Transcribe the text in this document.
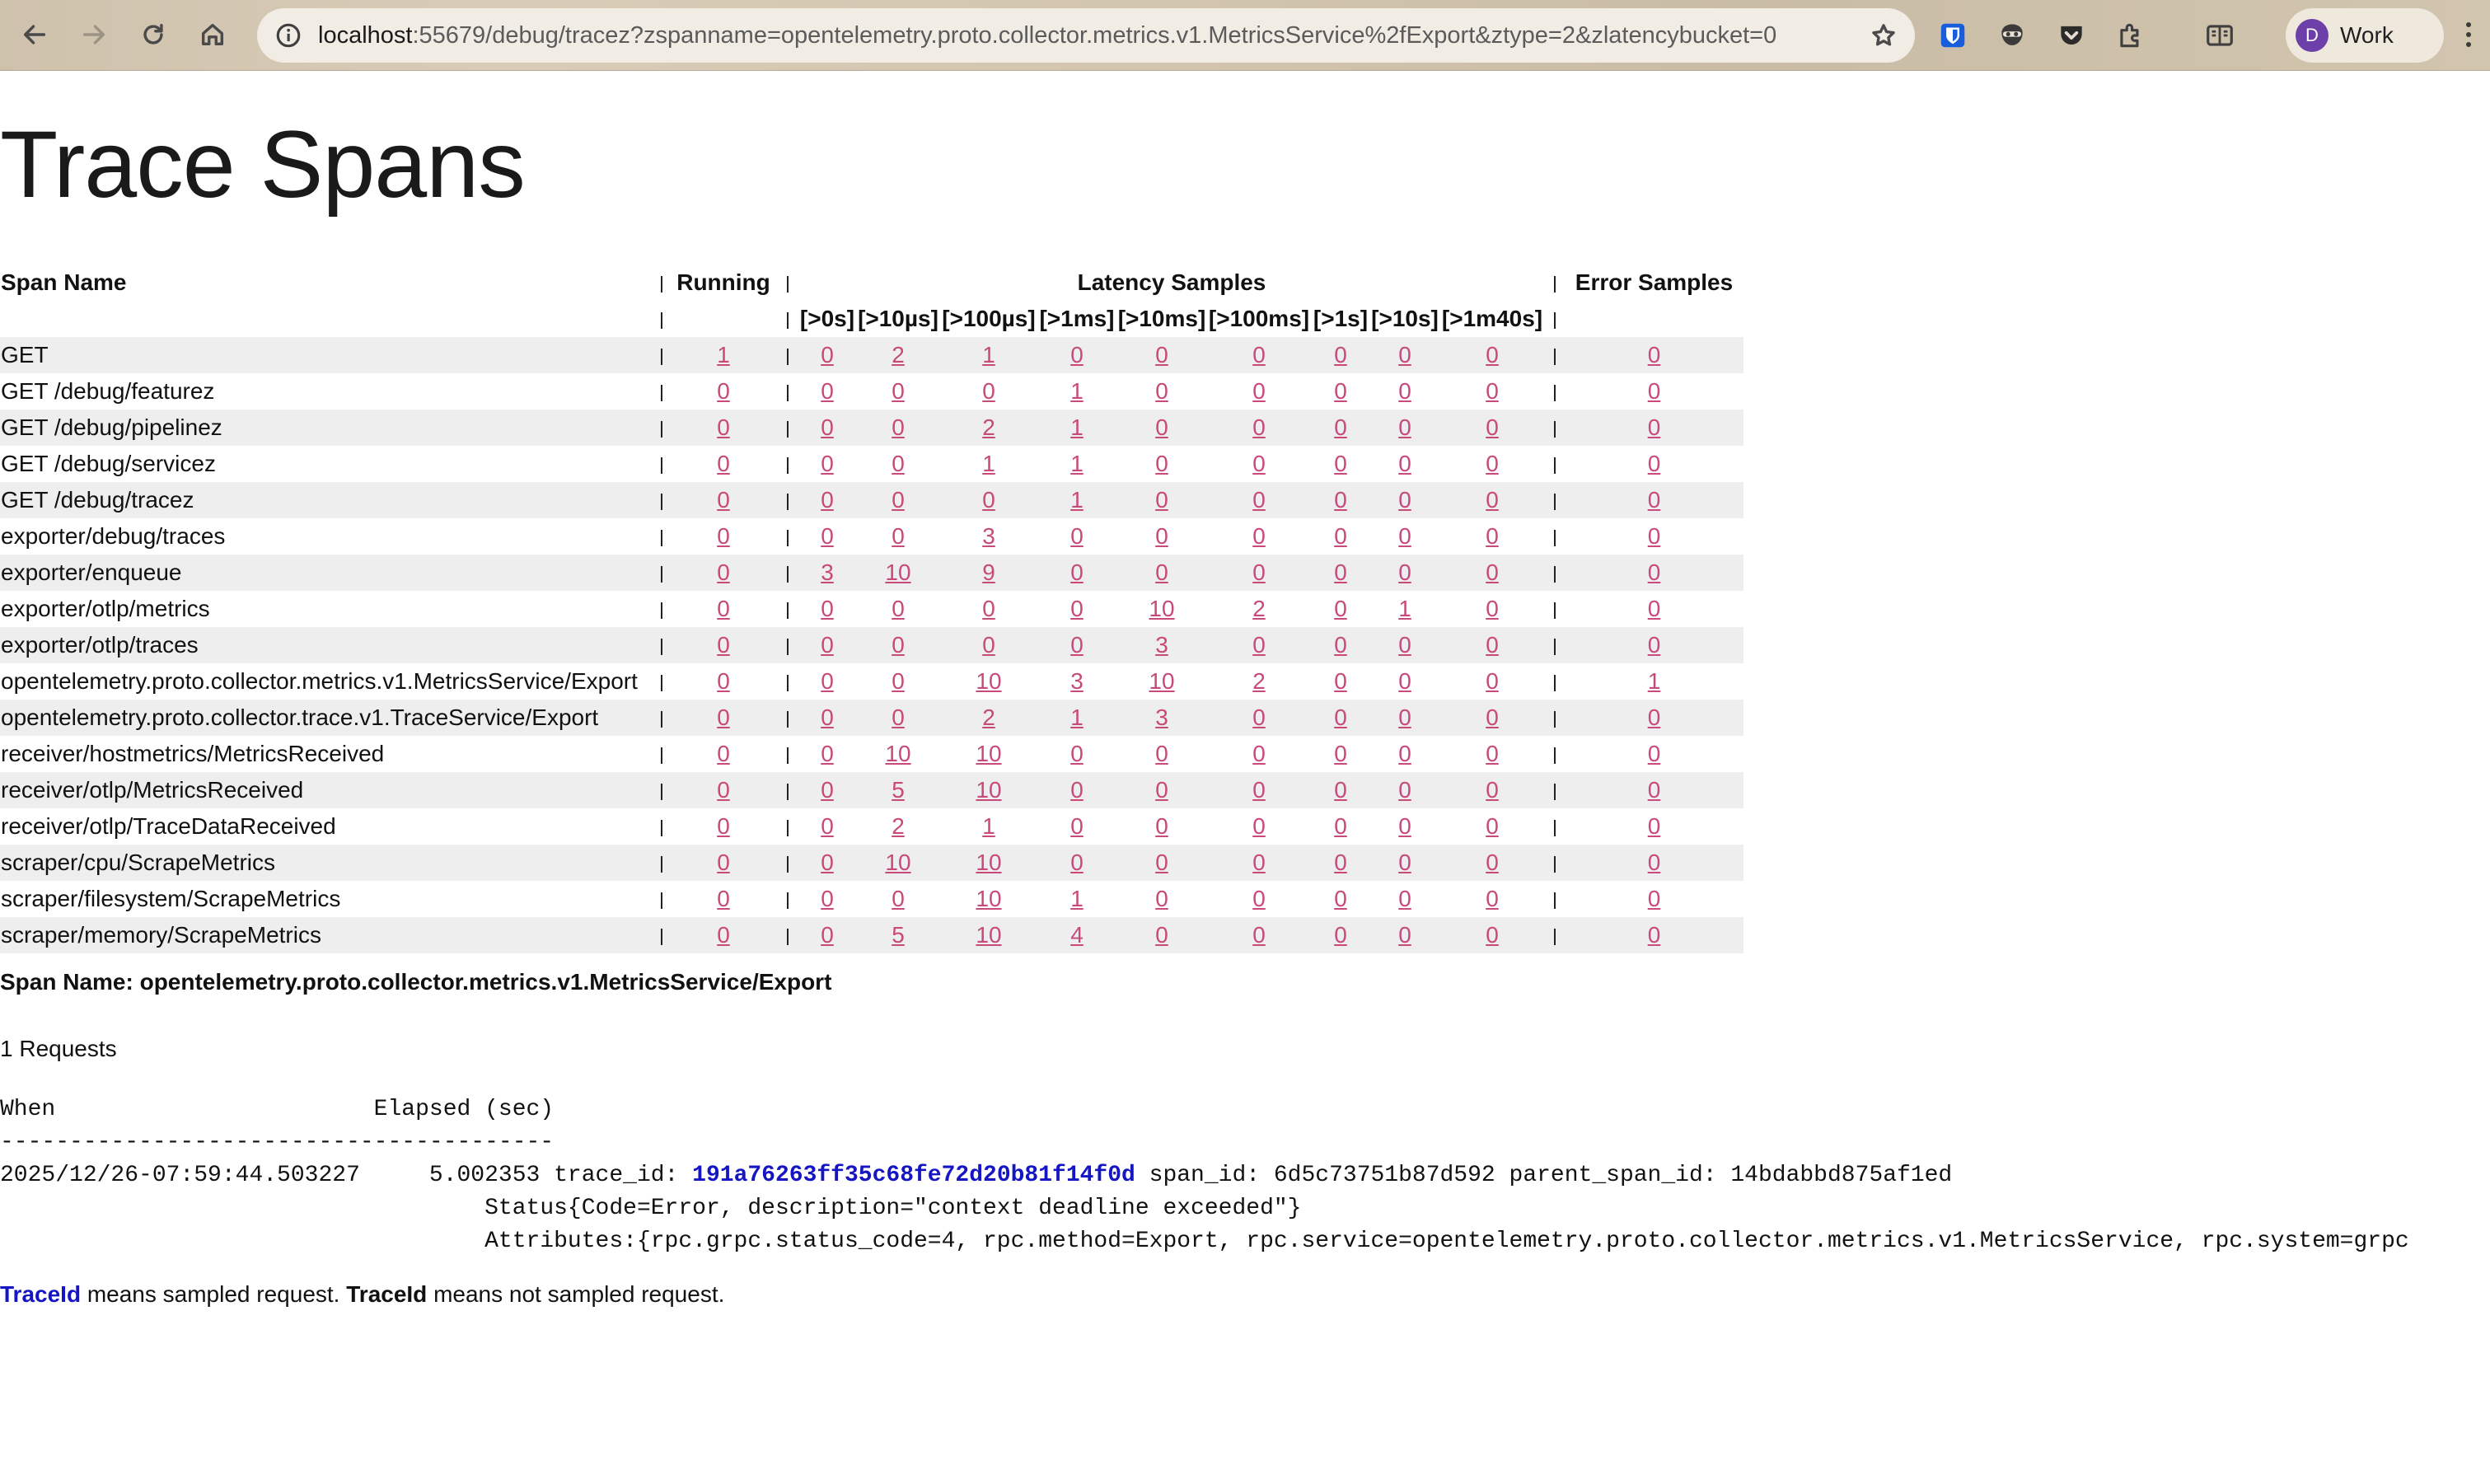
localhost:55679/debug/tracez?zspanname=opentelemetry.proto.collector.metrics.v1.MetricsService%2fExport&ztype=2&zlatencybucket=0	D Work
Trace Spans
Span Name		Running		Latency Samples										Error Samples
				[>0s]	[>10µs]	[>100µs]	[>1ms]	[>10ms]	[>100ms]	[>1s]	[>10s]	[>1m40s]		
GET		1		0	2	1	0	0	0	0	0	0		0
GET /debug/featurez		0		0	0	0	1	0	0	0	0	0		0
GET /debug/pipelinez		0		0	0	2	1	0	0	0	0	0		0
GET /debug/servicez		0		0	0	1	1	0	0	0	0	0		0
GET /debug/tracez		0		0	0	0	1	0	0	0	0	0		0
exporter/debug/traces		0		0	0	3	0	0	0	0	0	0		0
exporter/enqueue		0		3	10	9	0	0	0	0	0	0		0
exporter/otlp/metrics		0		0	0	0	0	10	2	0	1	0		0
exporter/otlp/traces		0		0	0	0	0	3	0	0	0	0		0
opentelemetry.proto.collector.metrics.v1.MetricsService/Export		0		0	0	10	3	10	2	0	0	0		1
opentelemetry.proto.collector.trace.v1.TraceService/Export		0		0	0	2	1	3	0	0	0	0		0
receiver/hostmetrics/MetricsReceived		0		0	10	10	0	0	0	0	0	0		0
receiver/otlp/MetricsReceived		0		0	5	10	0	0	0	0	0	0		0
receiver/otlp/TraceDataReceived		0		0	2	1	0	0	0	0	0	0		0
scraper/cpu/ScrapeMetrics		0		0	10	10	0	0	0	0	0	0		0
scraper/filesystem/ScrapeMetrics		0		0	0	10	1	0	0	0	0	0		0
scraper/memory/ScrapeMetrics		0		0	5	10	4	0	0	0	0	0		0
Span Name: opentelemetry.proto.collector.metrics.v1.MetricsService/Export
1 Requests
When                       Elapsed (sec)
----------------------------------------
2025/12/26-07:59:44.503227	5.002353 trace_id: 191a76263ff35c68fe72d20b81f14f0d span_id: 6d5c73751b87d592 parent_span_id: 14bdabbd875af1ed
Status{Code=Error, description="context deadline exceeded"}
Attributes:{rpc.grpc.status_code=4, rpc.method=Export, rpc.service=opentelemetry.proto.collector.metrics.v1.MetricsService, rpc.system=grpc
TraceId means sampled request. TraceId means not sampled request.
